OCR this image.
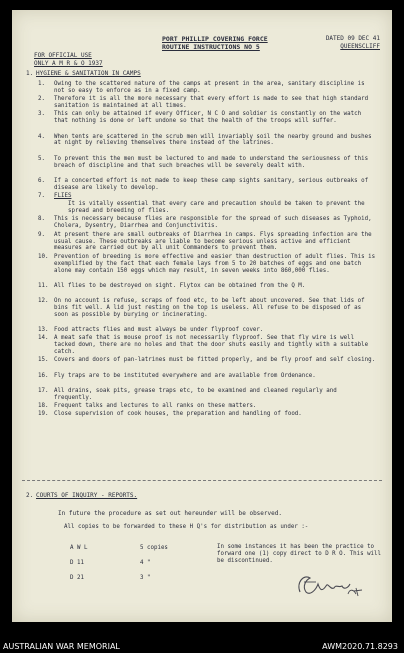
PORT PHILLIP COVERING FORCE
ROUTINE INSTRUCTIONS NO 5
DATED 09 DEC 41
QUEENSCLIFF
FOR OFFICIAL USE
ONLY A M R & O 1937
1. HYGIENE & SANITATION IN CAMPS
1.	Owing to the scattered nature of the camps at present in the area, sanitary discipline is not so easy to enforce as in a fixed camp.
2.	Therefore it is all the more necessary that every effort is made to see that high standard sanitation is maintained at all times.
3.	This can only be attained if every Officer, N C O and soldier is constantly on the watch that nothing is done or left undone so that the health of the troops will suffer.
4.	When tents are scattered in the scrub men will invariably soil the nearby ground and bushes at night by relieving themselves there instead of the latrines.
5.	To prevent this the men must be lectured to and made to understand the seriousness of this breach of discipline and that such breaches will be severely dealt with.
6.	If a concerted effort is not made to keep these camp sights sanitary, serious outbreaks of disease are likely to develop.
7.	FLIES
It is vitally essential that every care and precaution should be taken to prevent the spread and breeding of flies.
8.	This is necessary because flies are responsible for the spread of such diseases as Typhoid, Cholera, Dysentry, Diarrhea and Conjunctivitis.
9.	At present there are small outbreaks of Diarrhea in camps. Flys spreading infection are the usual cause. These outbreaks are liable to become serious unless active and efficient measures are carried out by all unit Commanders to prevent them.
10. Prevention of breeding is more effective and easier than destruction of adult flies. This is exemplified by the fact that each female lays from 5 to 20 batches of eggs and one batch alone may contain 150 eggs which may result, in seven weeks into 860,000 flies.
11. All flies to be destroyed on sight. Flytox can be obtained from the Q M.
12. On no account is refuse, scraps of food etc, to be left about uncovered. See that lids of bins fit well. A lid just resting on the top is useless. All refuse to be disposed of as soon as possible by burying or incinerating.
13. Food attracts flies and must always be under flyproof cover.
14. A meat safe that is mouse proof is not necessarily flyproof. See that fly wire is well tacked down, there are no holes and that the door shuts easily and tightly with a suitable catch.
15. Covers and doors of pan-latrines must be fitted properly, and be fly proof and self closing.
16. Fly traps are to be instituted everywhere and are available from Ordenance.
17. All drains, soak pits, grease traps etc, to be examined and cleaned regularly and frequently.
18. Frequent talks and lectures to all ranks on these matters.
19. Close supervision of cook houses, the preparation and handling of food.
2. COURTS OF INQUIRY - REPORTS.
In future the procedure as set out hereunder will be observed.
All copies to be forwarded to these H Q's for distribution as under :-
A W L	5 copies
D 11	4 "
D 21	3 "
In some instances it has been the practice to forward one (1) copy direct to D R O. This will be discontinued.
AUSTRALIAN WAR MEMORIAL	AWM2020.71.8293
